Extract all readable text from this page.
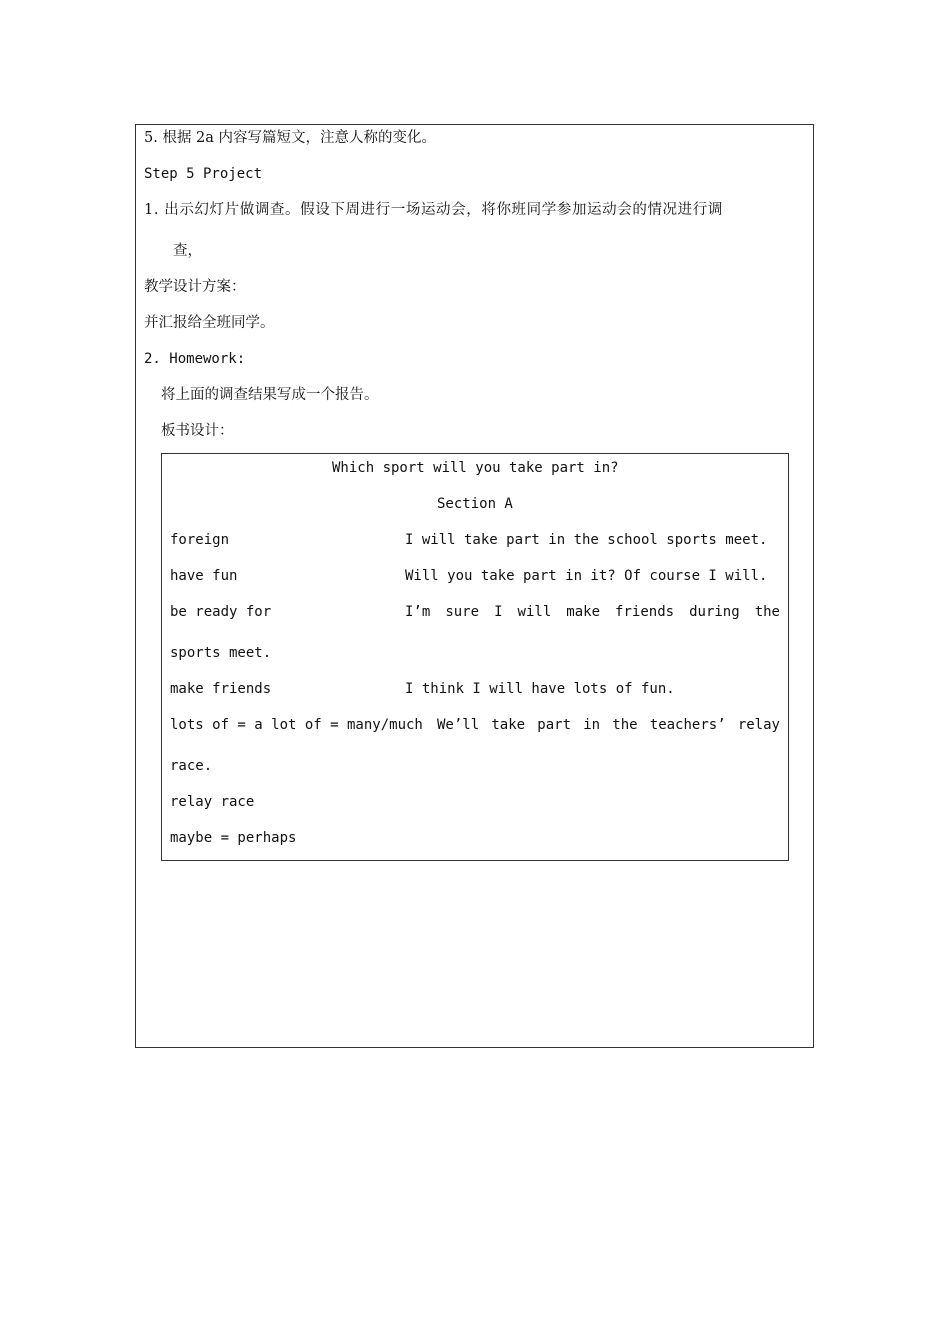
5. 根据 2a 内容写篇短文，注意人称的变化。
Step 5 Project
1. 出示幻灯片做调查。假设下周进行一场运动会，将你班同学参加运动会的情况进行调
查，
教学设计方案：
并汇报给全班同学。
2. Homework:
将上面的调查结果写成一个报告。
板书设计：
Which sport will you take part in?
Section A
foreign
have fun
be ready for
make friends
lots of = a lot of = many/much
relay race
maybe = perhaps
I will take part in the school sports meet.
Will you take part in it? Of course I will.
I’m sure I will make friends during the
sports meet.
I think I will have lots of fun.
We’ll take part in the teachers’ relay
race.
